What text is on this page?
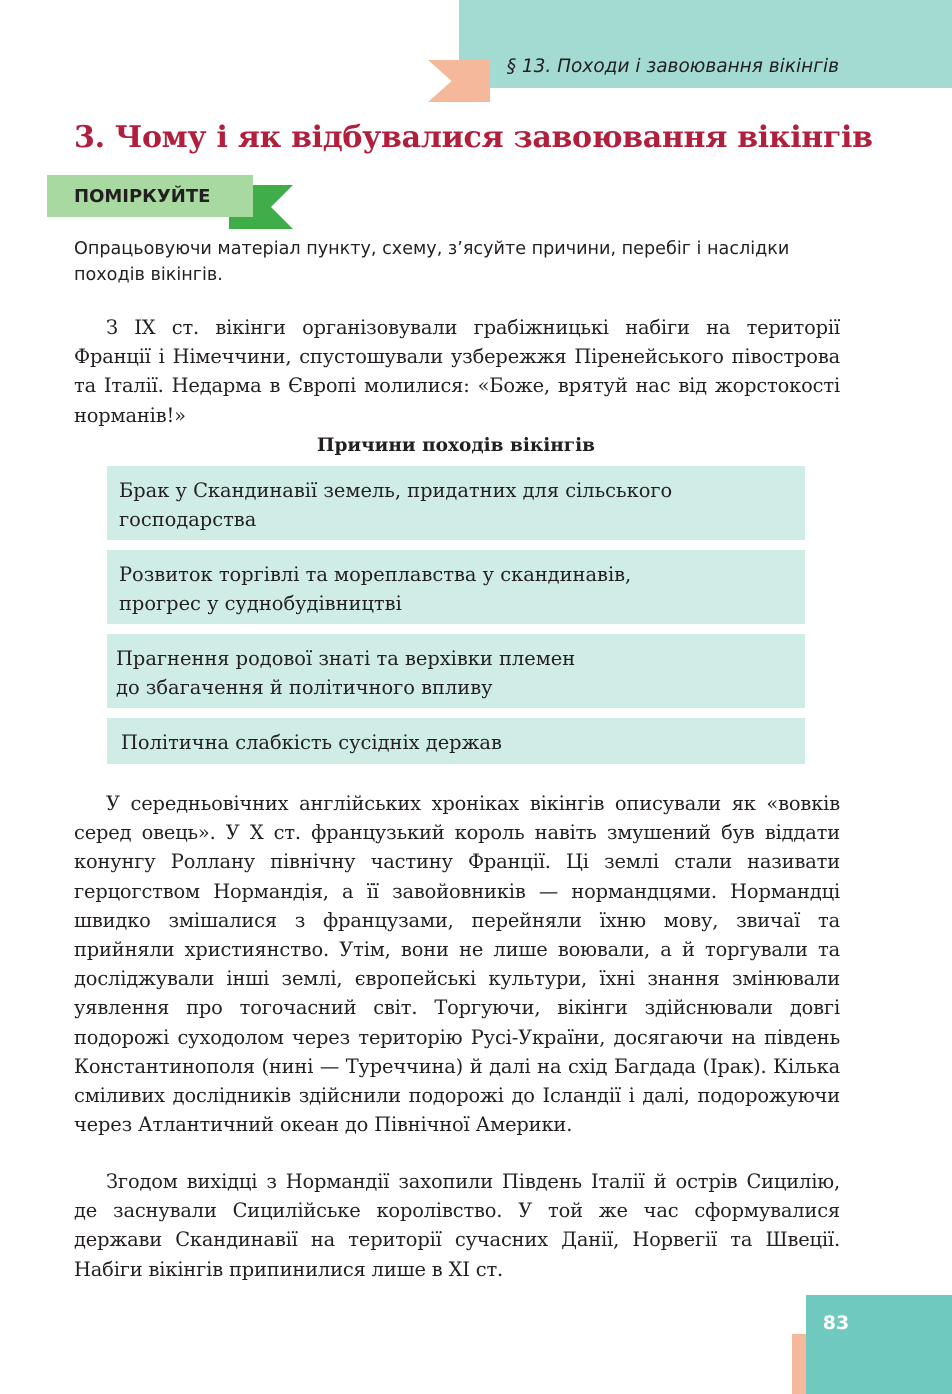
§ 13. Походи і завоювання вікінгів
3. Чому і як відбувалися завоювання вікінгів
ПОМІРКУЙТЕ

Опрацьовуючи матеріал пункту, схему, з’ясуйте причини, перебіг і наслідки походів вікінгів.

З IX ст. вікінги організовували грабіжницькі набіги на території Франції і Німеччини, спустошували узбережжя Піренейського півострова та Італії. Недарма в Європі молилися: «Боже, врятуй нас від жорстокості норманів!»

Причини походів вікінгів
Брак у Скандинавії земель, придатних для сільського
господарства
Розвиток торгівлі та мореплавства у скандинавів,
прогрес у суднобудівництві
Прагнення родової знаті та верхівки племен
до збагачення й політичного впливу
Політична слабкість сусідніх держав

У середньовічних англійських хроніках вікінгів описували як «вовків серед овець». У X ст. французький король навіть змушений був віддати конунгу Роллану північну частину Франції. Ці землі стали називати герцогством Нормандія, а її завойовників — нормандцями. Нормандці швидко змішалися з французами, перейняли їхню мову, звичаї та прийняли християнство. Утім, вони не лише воювали, а й торгували та досліджували інші землі, європейські культури, їхні знання змінювали уявлення про тогочасний світ. Торгуючи, вікінги здійснювали довгі подорожі суходолом через територію Русі-України, досягаючи на південь Константинополя (нині — Туреччина) й далі на схід Багдада (Ірак). Кілька сміливих дослідників здійснили подорожі до Ісландії і далі, подорожуючи через Атлантичний океан до Північної Америки.

Згодом вихідці з Нормандії захопили Південь Італії й острів Сицилію, де заснували Сицилійське королівство. У той же час сформувалися держави Скандинавії на території сучасних Данії, Норвегії та Швеції. Набіги вікінгів припинилися лише в XI ст.

83
